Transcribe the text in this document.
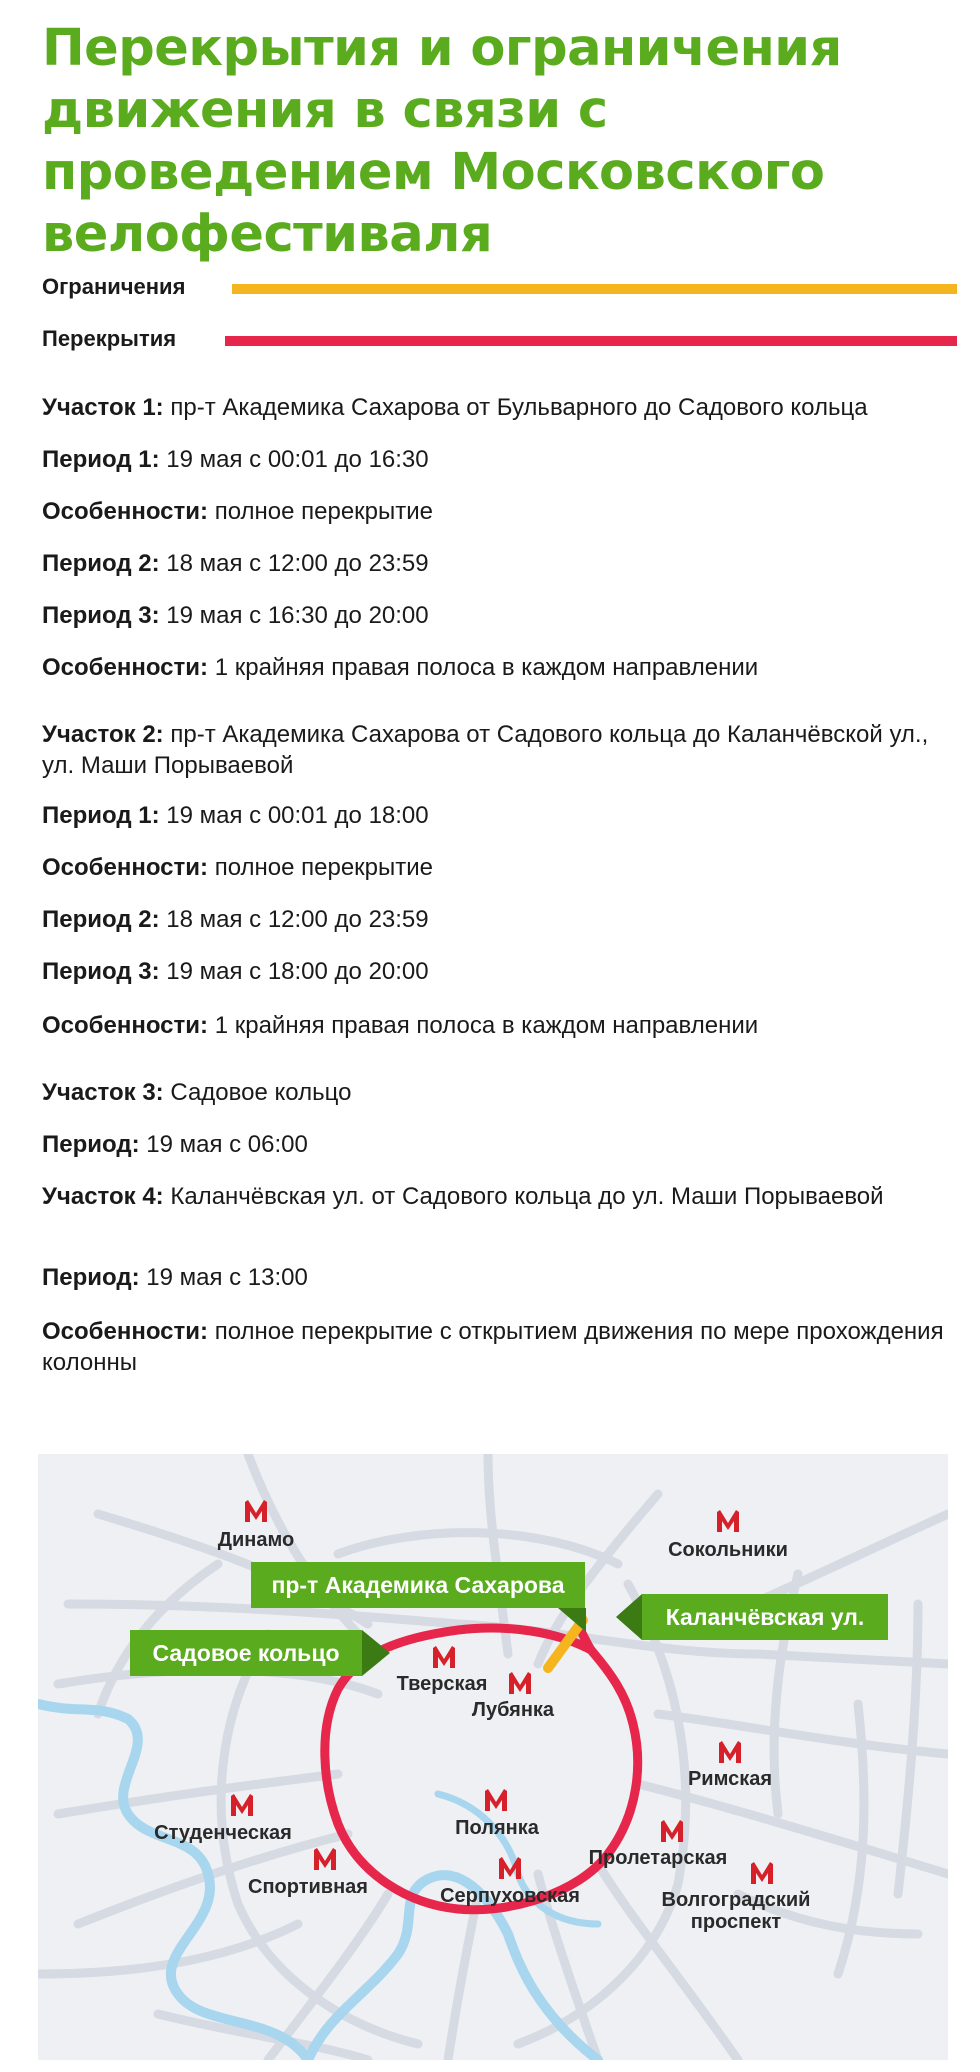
Перекрытия и ограничения движения в связи с проведением Московского велофестиваля
Ограничения
Перекрытия
Участок 1: пр-т Академика Сахарова от Бульварного до Садового кольца
Период 1: 19 мая с 00:01 до 16:30
Особенности: полное перекрытие
Период 2: 18 мая с 12:00 до 23:59
Период 3: 19 мая с 16:30 до 20:00
Особенности: 1 крайняя правая полоса в каждом направлении
Участок 2: пр-т Академика Сахарова от Садового кольца до Каланчёвской ул., ул. Маши Порываевой
Период 1: 19 мая с 00:01 до 18:00
Особенности: полное перекрытие
Период 2: 18 мая с 12:00 до 23:59
Период 3: 19 мая с 18:00 до 20:00
Особенности: 1 крайняя правая полоса в каждом направлении
Участок 3: Садовое кольцо
Период: 19 мая с 06:00
Участок 4: Каланчёвская ул. от Садового кольца до ул. Маши Порываевой
Период: 19 мая с 13:00
Особенности: полное перекрытие с открытием движения по мере прохождения колонны
пр-т Академика Сахарова
Садовое кольцо
Каланчёвская ул.
Динамо	Сокольники
Тверская
Лубянка
Римская
Студенческая	Полянка
Пролетарская
Спортивная	Серпуховская	Волгоградский
проспект
